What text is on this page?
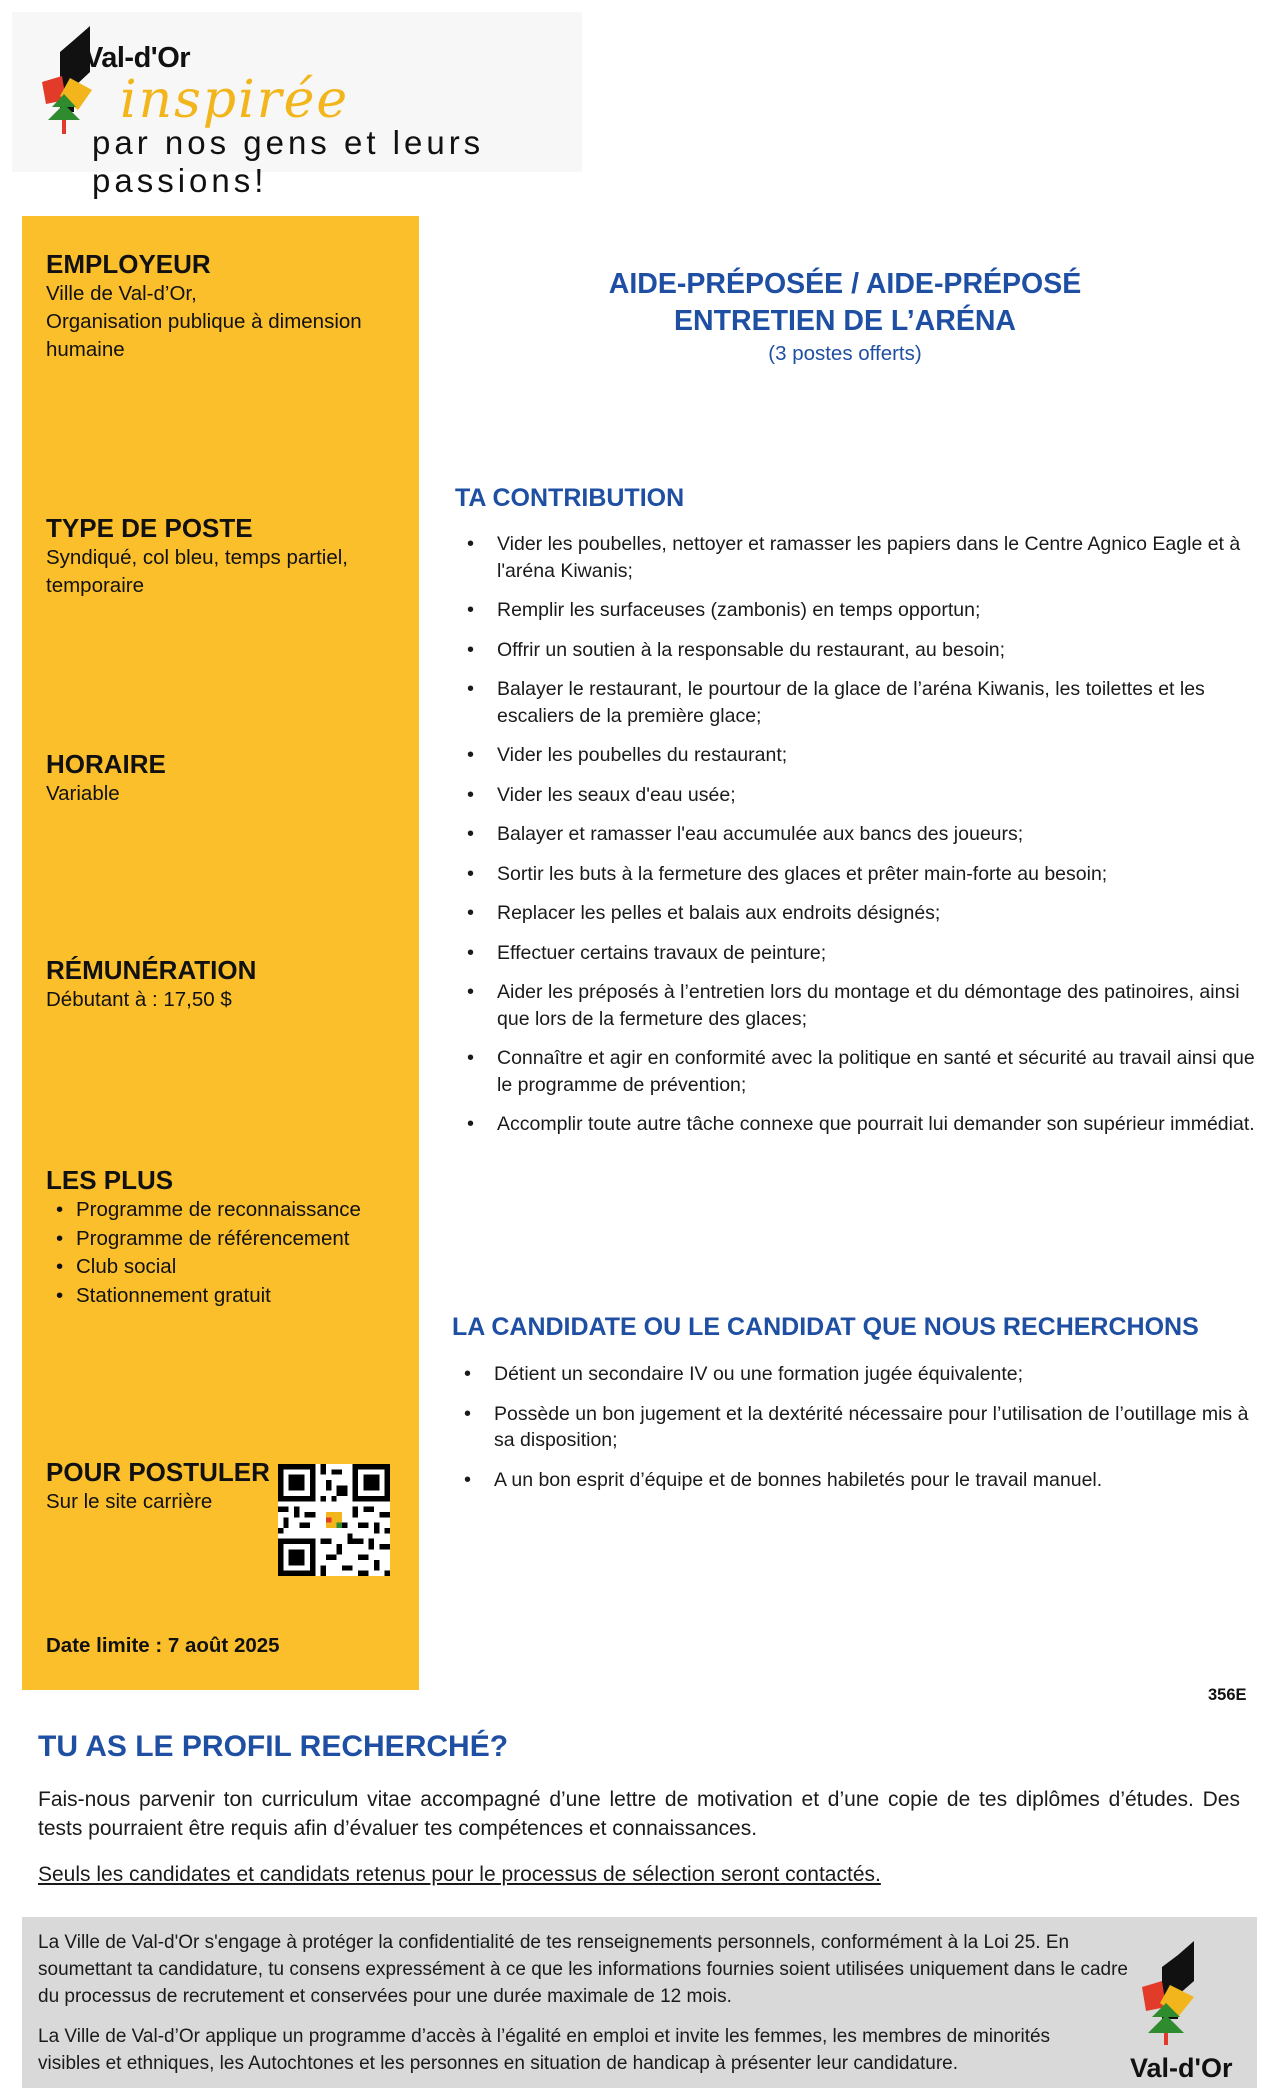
Val-d'Or
inspirée
par nos gens et leurs passions!
EMPLOYEUR
Ville de Val-d’Or,
Organisation publique à dimension
humaine
TYPE DE POSTE
Syndiqué, col bleu, temps partiel,
temporaire
HORAIRE
Variable
RÉMUNÉRATION
Débutant à : 17,50 $
LES PLUS
• Programme de reconnaissance
• Programme de référencement
• Club social
• Stationnement gratuit
POUR POSTULER
Sur le site carrière
Date limite : 7 août 2025
AIDE-PRÉPOSÉE / AIDE-PRÉPOSÉ
ENTRETIEN DE L’ARÉNA
(3 postes offerts)
TA CONTRIBUTION
• Vider les poubelles, nettoyer et ramasser les papiers dans le Centre Agnico Eagle et à l'aréna Kiwanis;
• Remplir les surfaceuses (zambonis) en temps opportun;
• Offrir un soutien à la responsable du restaurant, au besoin;
• Balayer le restaurant, le pourtour de la glace de l’aréna Kiwanis, les toilettes et les escaliers de la première glace;
• Vider les poubelles du restaurant;
• Vider les seaux d'eau usée;
• Balayer et ramasser l'eau accumulée aux bancs des joueurs;
• Sortir les buts à la fermeture des glaces et prêter main-forte au besoin;
• Replacer les pelles et balais aux endroits désignés;
• Effectuer certains travaux de peinture;
• Aider les préposés à l’entretien lors du montage et du démontage des patinoires, ainsi que lors de la fermeture des glaces;
• Connaître et agir en conformité avec la politique en santé et sécurité au travail ainsi que le programme de prévention;
• Accomplir toute autre tâche connexe que pourrait lui demander son supérieur immédiat.
LA CANDIDATE OU LE CANDIDAT QUE NOUS RECHERCHONS
• Détient un secondaire IV ou une formation jugée équivalente;
• Possède un bon jugement et la dextérité nécessaire pour l’utilisation de l’outillage mis à sa disposition;
• A un bon esprit d’équipe et de bonnes habiletés pour le travail manuel.
356E
TU AS LE PROFIL RECHERCHÉ?
Fais-nous parvenir ton curriculum vitae accompagné d’une lettre de motivation et d’une copie de tes diplômes d’études. Des tests pourraient être requis afin d’évaluer tes compétences et connaissances.
Seuls les candidates et candidats retenus pour le processus de sélection seront contactés.
La Ville de Val-d'Or s'engage à protéger la confidentialité de tes renseignements personnels, conformément à la Loi 25. En soumettant ta candidature, tu consens expressément à ce que les informations fournies soient utilisées uniquement dans le cadre du processus de recrutement et conservées pour une durée maximale de 12 mois.
La Ville de Val-d’Or applique un programme d’accès à l’égalité en emploi et invite les femmes, les membres de minorités visibles et ethniques, les Autochtones et les personnes en situation de handicap à présenter leur candidature.	Val-d'Or
